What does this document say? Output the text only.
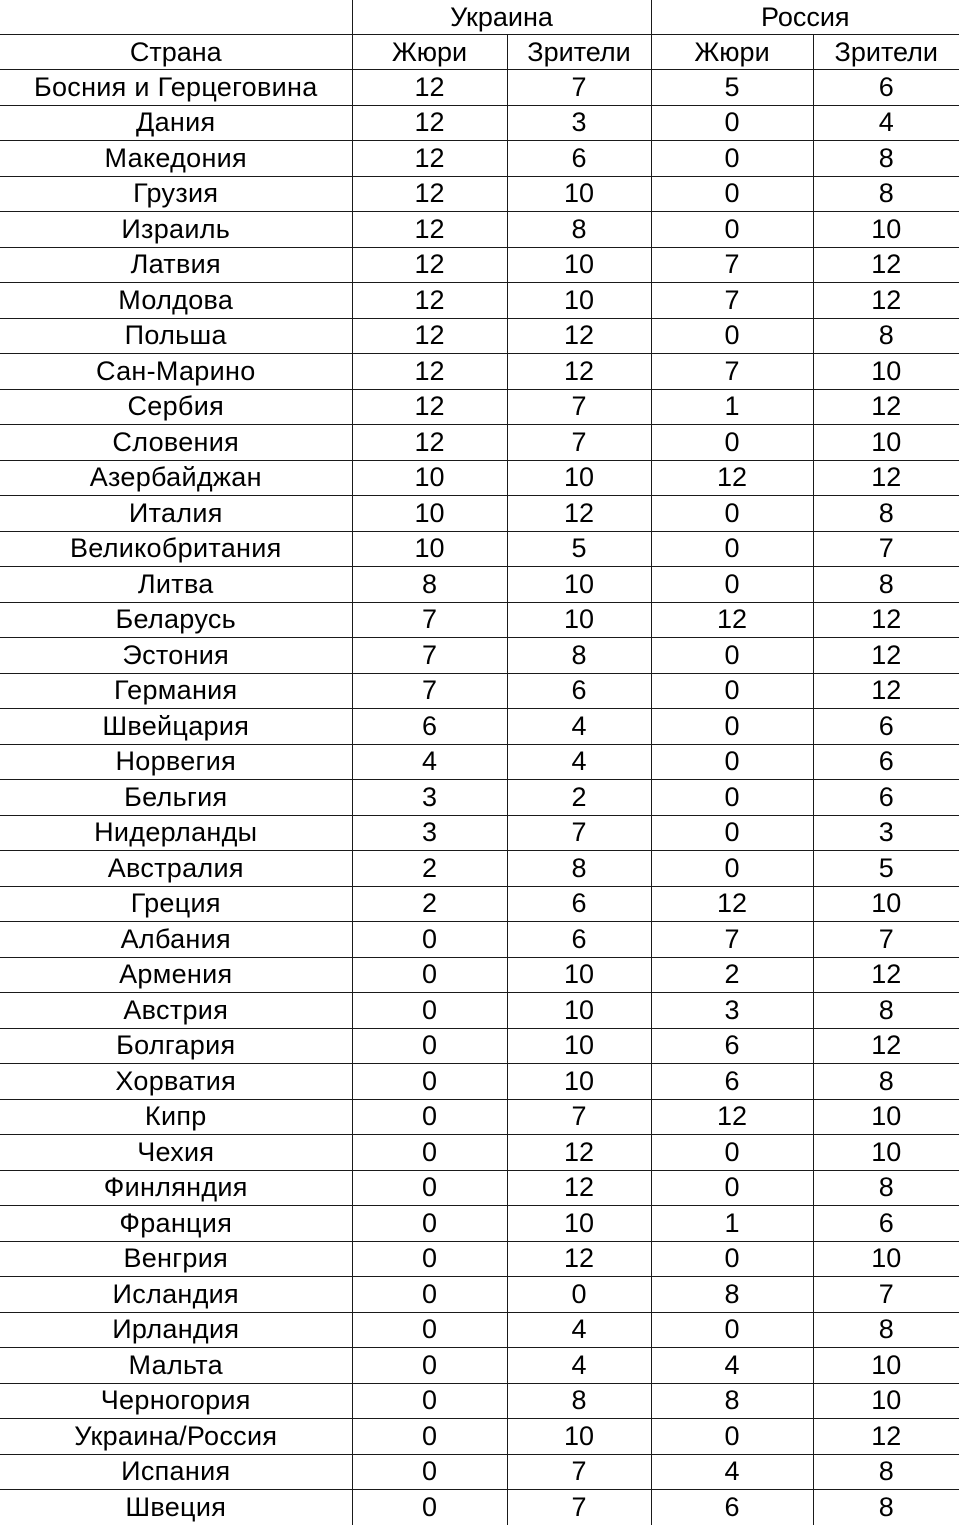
	Украина		Россия	
Страна	Жюри	Зрители	Жюри	Зрители
Босния и Герцеговина	12	7	5	6
Дания	12	3	0	4
Македония	12	6	0	8
Грузия	12	10	0	8
Израиль	12	8	0	10
Латвия	12	10	7	12
Молдова	12	10	7	12
Польша	12	12	0	8
Сан-Марино	12	12	7	10
Сербия	12	7	1	12
Словения	12	7	0	10
Азербайджан	10	10	12	12
Италия	10	12	0	8
Великобритания	10	5	0	7
Литва	8	10	0	8
Беларусь	7	10	12	12
Эстония	7	8	0	12
Германия	7	6	0	12
Швейцария	6	4	0	6
Норвегия	4	4	0	6
Бельгия	3	2	0	6
Нидерланды	3	7	0	3
Австралия	2	8	0	5
Греция	2	6	12	10
Албания	0	6	7	7
Армения	0	10	2	12
Австрия	0	10	3	8
Болгария	0	10	6	12
Хорватия	0	10	6	8
Кипр	0	7	12	10
Чехия	0	12	0	10
Финляндия	0	12	0	8
Франция	0	10	1	6
Венгрия	0	12	0	10
Исландия	0	0	8	7
Ирландия	0	4	0	8
Мальта	0	4	4	10
Черногория	0	8	8	10
Украина/Россия	0	10	0	12
Испания	0	7	4	8
Швеция	0	7	6	8
